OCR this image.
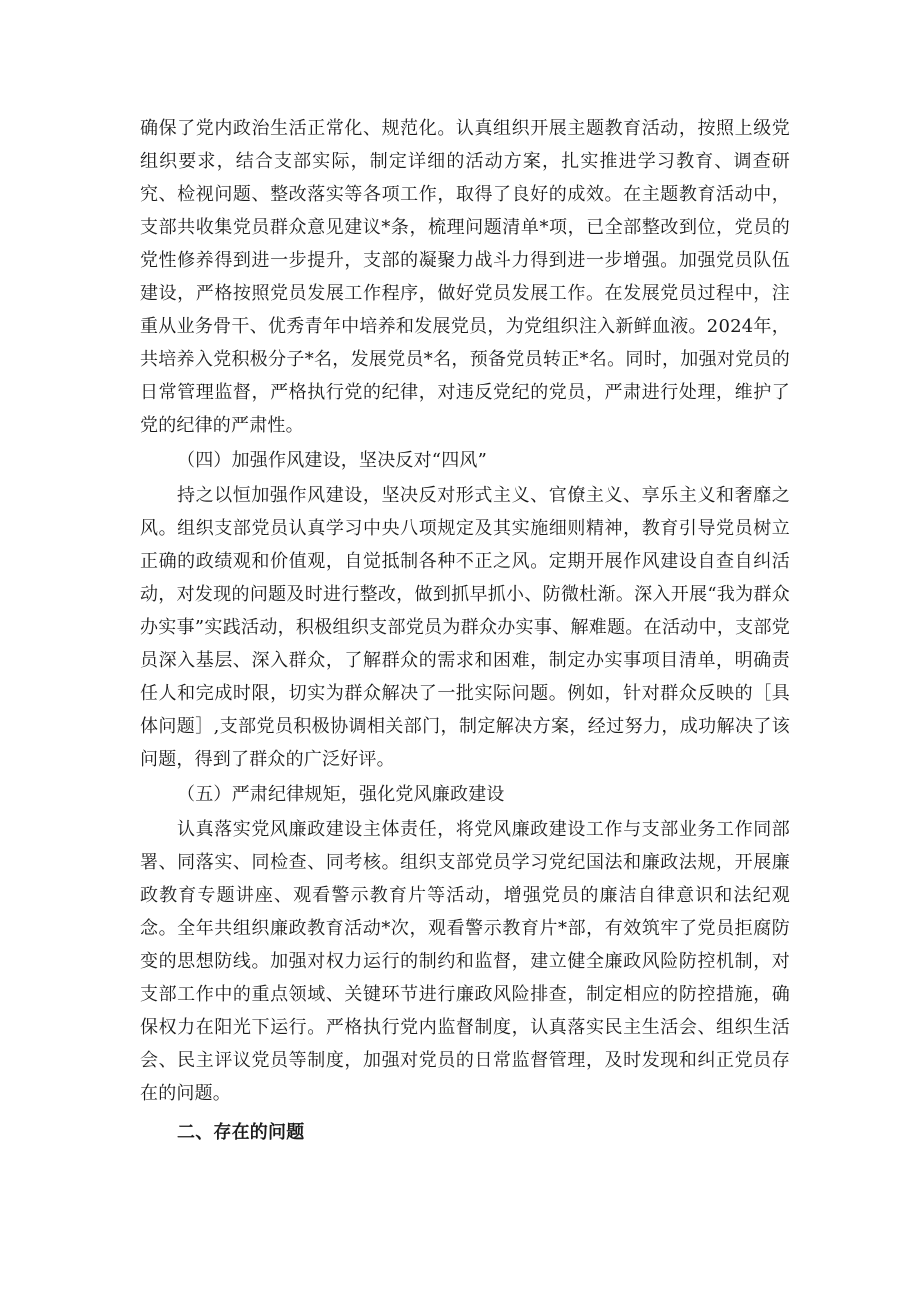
确保了党内政治生活正常化、规范化。认真组织开展主题教育活动，按照上级党组织要求，结合支部实际，制定详细的活动方案，扎实推进学习教育、调查研究、检视问题、整改落实等各项工作，取得了良好的成效。在主题教育活动中，支部共收集党员群众意见建议*条，梳理问题清单*项，已全部整改到位，党员的党性修养得到进一步提升，支部的凝聚力战斗力得到进一步增强。加强党员队伍建设，严格按照党员发展工作程序，做好党员发展工作。在发展党员过程中，注重从业务骨干、优秀青年中培养和发展党员，为党组织注入新鲜血液。2024年，共培养入党积极分子*名，发展党员*名，预备党员转正*名。同时，加强对党员的日常管理监督，严格执行党的纪律，对违反党纪的党员，严肃进行处理，维护了党的纪律的严肃性。

（四）加强作风建设，坚决反对“四风”

持之以恒加强作风建设，坚决反对形式主义、官僚主义、享乐主义和奢靡之风。组织支部党员认真学习中央八项规定及其实施细则精神，教育引导党员树立正确的政绩观和价值观，自觉抵制各种不正之风。定期开展作风建设自查自纠活动，对发现的问题及时进行整改，做到抓早抓小、防微杜渐。深入开展“我为群众办实事”实践活动，积极组织支部党员为群众办实事、解难题。在活动中，支部党员深入基层、深入群众，了解群众的需求和困难，制定办实事项目清单，明确责任人和完成时限，切实为群众解决了一批实际问题。例如，针对群众反映的［具体问题］,支部党员积极协调相关部门，制定解决方案，经过努力，成功解决了该问题，得到了群众的广泛好评。

（五）严肃纪律规矩，强化党风廉政建设

认真落实党风廉政建设主体责任，将党风廉政建设工作与支部业务工作同部署、同落实、同检查、同考核。组织支部党员学习党纪国法和廉政法规，开展廉政教育专题讲座、观看警示教育片等活动，增强党员的廉洁自律意识和法纪观念。全年共组织廉政教育活动*次，观看警示教育片*部，有效筑牢了党员拒腐防变的思想防线。加强对权力运行的制约和监督，建立健全廉政风险防控机制，对支部工作中的重点领域、关键环节进行廉政风险排查，制定相应的防控措施，确保权力在阳光下运行。严格执行党内监督制度，认真落实民主生活会、组织生活会、民主评议党员等制度，加强对党员的日常监督管理，及时发现和纠正党员存在的问题。

二、存在的问题
